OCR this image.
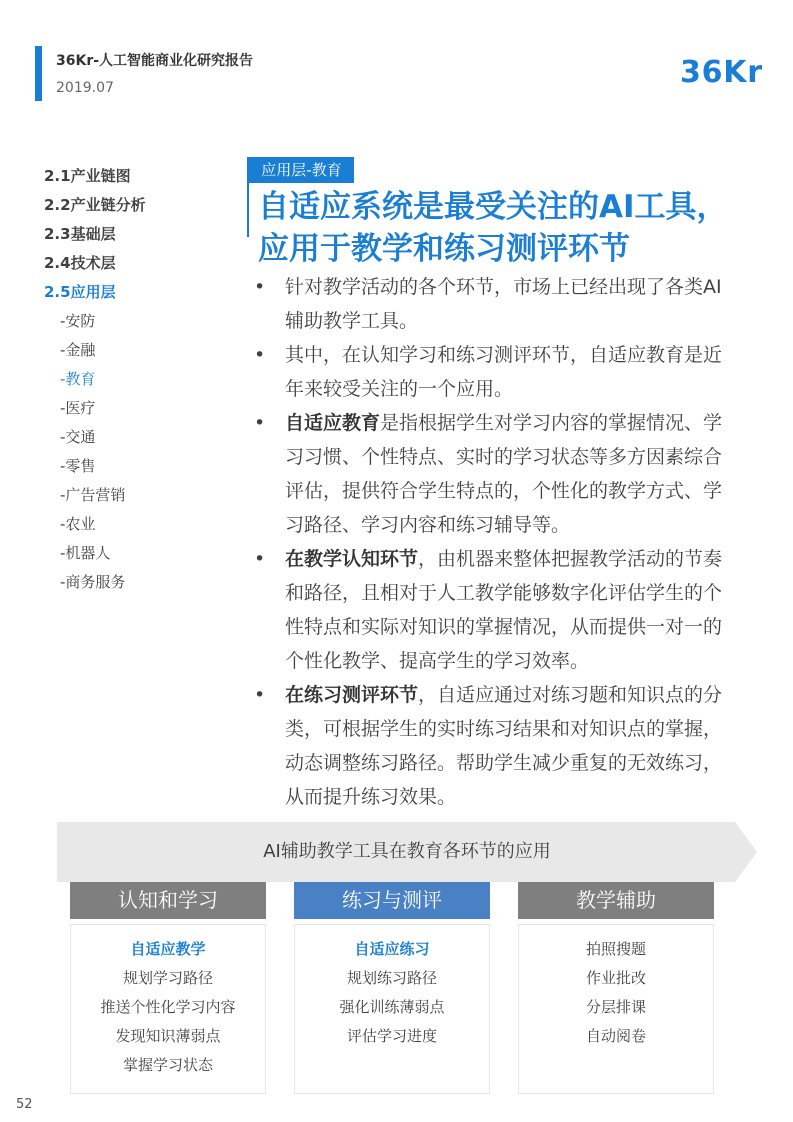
36Kr-人工智能商业化研究报告
2019.07	36Kr
2.1产业链图
2.2产业链分析
2.3基础层
2.4技术层
2.5应用层
-安防
-金融
-教育
-医疗
-交通
-零售
-广告营销
-农业
-机器人
-商务服务
应用层-教育
自适应系统是最受关注的AI工具，应用于教学和练习测评环节
• 针对教学活动的各个环节，市场上已经出现了各类AI辅助教学工具。
• 其中，在认知学习和练习测评环节，自适应教育是近年来较受关注的一个应用。
• 自适应教育是指根据学生对学习内容的掌握情况、学习习惯、个性特点、实时的学习状态等多方因素综合评估，提供符合学生特点的，个性化的教学方式、学习路径、学习内容和练习辅导等。
• 在教学认知环节，由机器来整体把握教学活动的节奏和路径，且相对于人工教学能够数字化评估学生的个性特点和实际对知识的掌握情况，从而提供一对一的个性化教学、提高学生的学习效率。
• 在练习测评环节，自适应通过对练习题和知识点的分类，可根据学生的实时练习结果和对知识点的掌握，动态调整练习路径。帮助学生减少重复的无效练习，从而提升练习效果。
AI辅助教学工具在教育各环节的应用
认知和学习
自适应教学
规划学习路径
推送个性化学习内容
发现知识薄弱点
掌握学习状态
练习与测评
自适应练习
规划练习路径
强化训练薄弱点
评估学习进度
教学辅助
拍照搜题
作业批改
分层排课
自动阅卷
52
